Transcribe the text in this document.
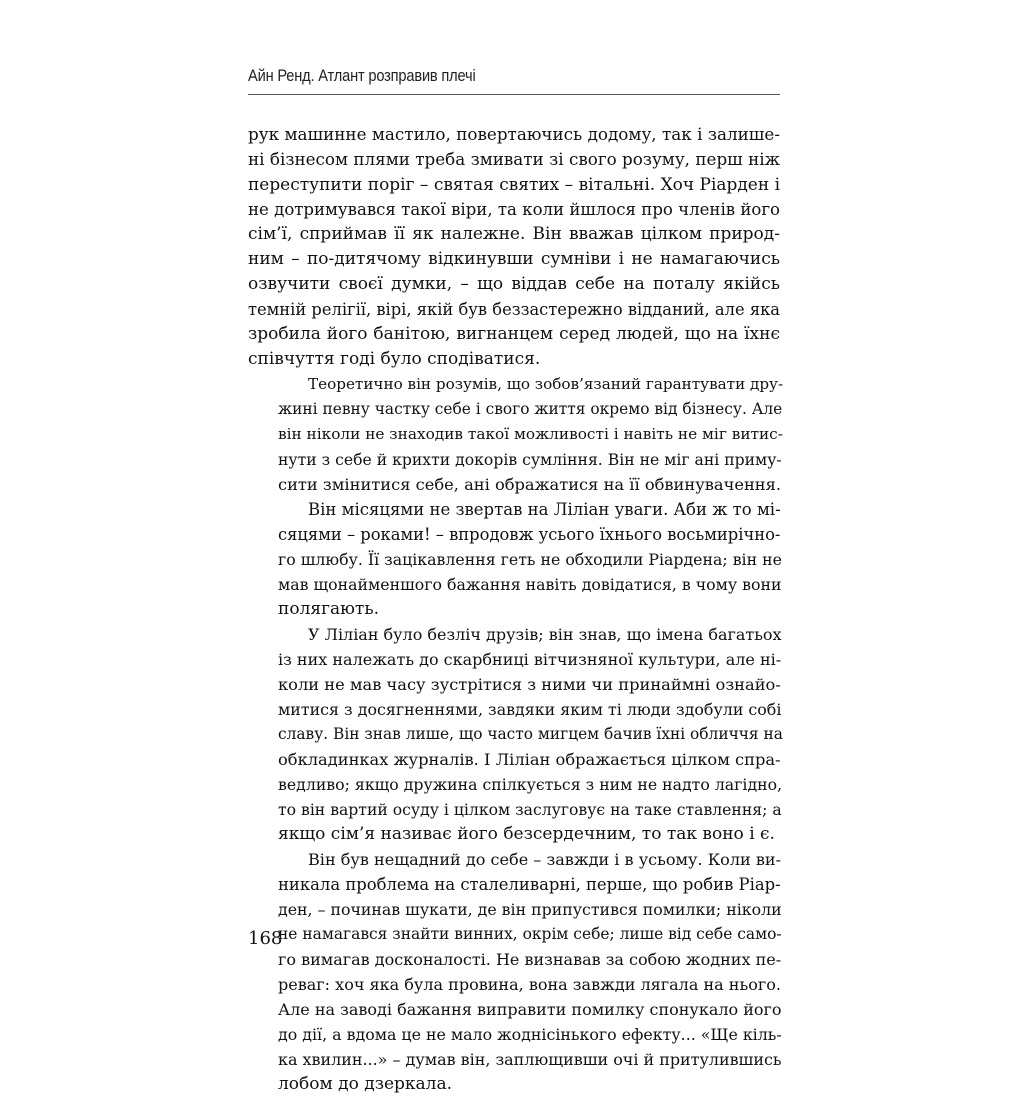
Айн Ренд. Атлант розправив плечі
рук машинне мастило, повертаючись додому, так і залише-
ні бізнесом плями треба змивати зі свого розуму, перш ніж
переступити поріг – святая святих – вітальні. Хоч Ріарден і
не дотримувався такої віри, та коли йшлося про членів його
сім’ї, сприймав її як належне. Він вважав цілком природ-
ним – по-дитячому відкинувши сумніви і не намагаючись
озвучити своєї думки, – що віддав себе на поталу якійсь
темній релігії, вірі, якій був беззастережно відданий, але яка
зробила його банітою, вигнанцем серед людей, що на їхнє
співчуття годі було сподіватися.
Теоретично він розумів, що зобов’язаний гарантувати дру-
жині певну частку себе і свого життя окремо від бізнесу. Але
він ніколи не знаходив такої можливості і навіть не міг витис-
нути з себе й крихти докорів сумління. Він не міг ані приму-
сити змінитися себе, ані ображатися на її обвинувачення.
Він місяцями не звертав на Ліліан уваги. Аби ж то мі-
сяцями – роками! – впродовж усього їхнього восьмирічно-
го шлюбу. Її зацікавлення геть не обходили Ріардена; він не
мав щонайменшого бажання навіть довідатися, в чому вони
полягають.
У Ліліан було безліч друзів; він знав, що імена багатьох
із них належать до скарбниці вітчизняної культури, але ні-
коли не мав часу зустрітися з ними чи принаймні ознайо-
митися з досягненнями, завдяки яким ті люди здобули собі
славу. Він знав лише, що часто мигцем бачив їхні обличчя на
обкладинках журналів. І Ліліан ображається цілком спра-
ведливо; якщо дружина спілкується з ним не надто лагідно,
то він вартий осуду і цілком заслуговує на таке ставлення; а
якщо сім’я називає його безсердечним, то так воно і є.
Він був нещадний до себе – завжди і в усьому. Коли ви-
никала проблема на сталеливарні, перше, що робив Ріар-
ден, – починав шукати, де він припустився помилки; ніколи
не намагався знайти винних, окрім себе; лише від себе само-
го вимагав досконалості. Не визнавав за собою жодних пе-
реваг: хоч яка була провина, вона завжди лягала на нього.
Але на заводі бажання виправити помилку спонукало його
до дії, а вдома це не мало жоднісінького ефекту... «Ще кіль-
ка хвилин...» – думав він, заплющивши очі й притулившись
лобом до дзеркала.
168
